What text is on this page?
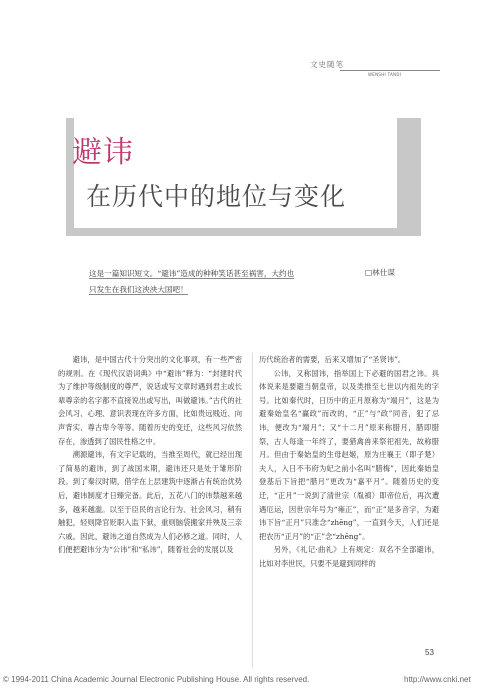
文史随笔
WENSHI TANDI
避讳
在历代中的地位与变化
这是一篇知识短文。“避讳”造成的种种笑话甚至祸害，大约也只发生在我们这泱泱大国吧！
□林仕谋

避讳，是中国古代十分突出的文化事项，有一些严密的规则。在《现代汉语词典》中“避讳”释为：“封建时代为了维护等级制度的尊严，说话或写文章时遇到君主或长辈尊亲的名字都不直接说出或写出，叫做避讳。”古代的社会风习、心理、意识表现在许多方面，比如贵远贱近、向声背实、尊古卑今等等。随着历史的变迁，这些风习依然存在，渗透到了国民性格之中。

溯源避讳，有文字记载的，当推至周代，就已经出现了简易的避讳，到了战国末期，避讳还只是处于雏形阶段。到了秦汉时期，借学在上层建筑中逐渐占有统治优势后，避讳制度才日臻完备。此后，五花八门的讳禁越来越多，越来越滥。以至于臣民的言论行为、社会风习，稍有触犯，轻则降官贬职入监下狱，重则脑袋搬家并殃及三亲六戚。因此，避讳之道自然成为人们必修之道。同时，人们便把避讳分为“公讳”和“私讳”，随着社会的发展以及

历代统治者的需要，后来又增加了“圣贤讳”。

公讳，又称国讳，指举国上下必避的国君之讳。具体说来是要避当朝皇帝，以及类推至七世以内祖先的字号。比如秦代时，日历中的正月原称为“端月”，这是为避秦始皇名“赢政”而改的，“正”与“政”同音，犯了忌讳，便改为“端月”；又“十二月”原来称腊月，腊即腊祭，古人每逢一年终了，要猎禽兽来祭祀祖先，故称腊月。但由于秦始皇的生母赵姬，原为庄襄王（即子楚）夫人，入日不韦府为妃之前小名叫“腊梅”，因此秦始皇登基后下旨把“腊月”更改为“嘉平月”。随着历史的变迁，“正月”一说到了清世宗（胤禛）即帝位后，再次遭遇厄运，因世宗年号为“雍正”，而“正”是多音字，为避讳下旨“正月”只准念“zhēng”，一直到今天，人们还是把农历“正月”的“正”念“zhēng”。

另外，《礼记·曲礼》上有规定：双名不全部避讳，比如对李世民，只要不是避到同样的

53
© 1994-2011 China Academic Journal Electronic Publishing House. All rights reserved.	http://www.cnki.net
